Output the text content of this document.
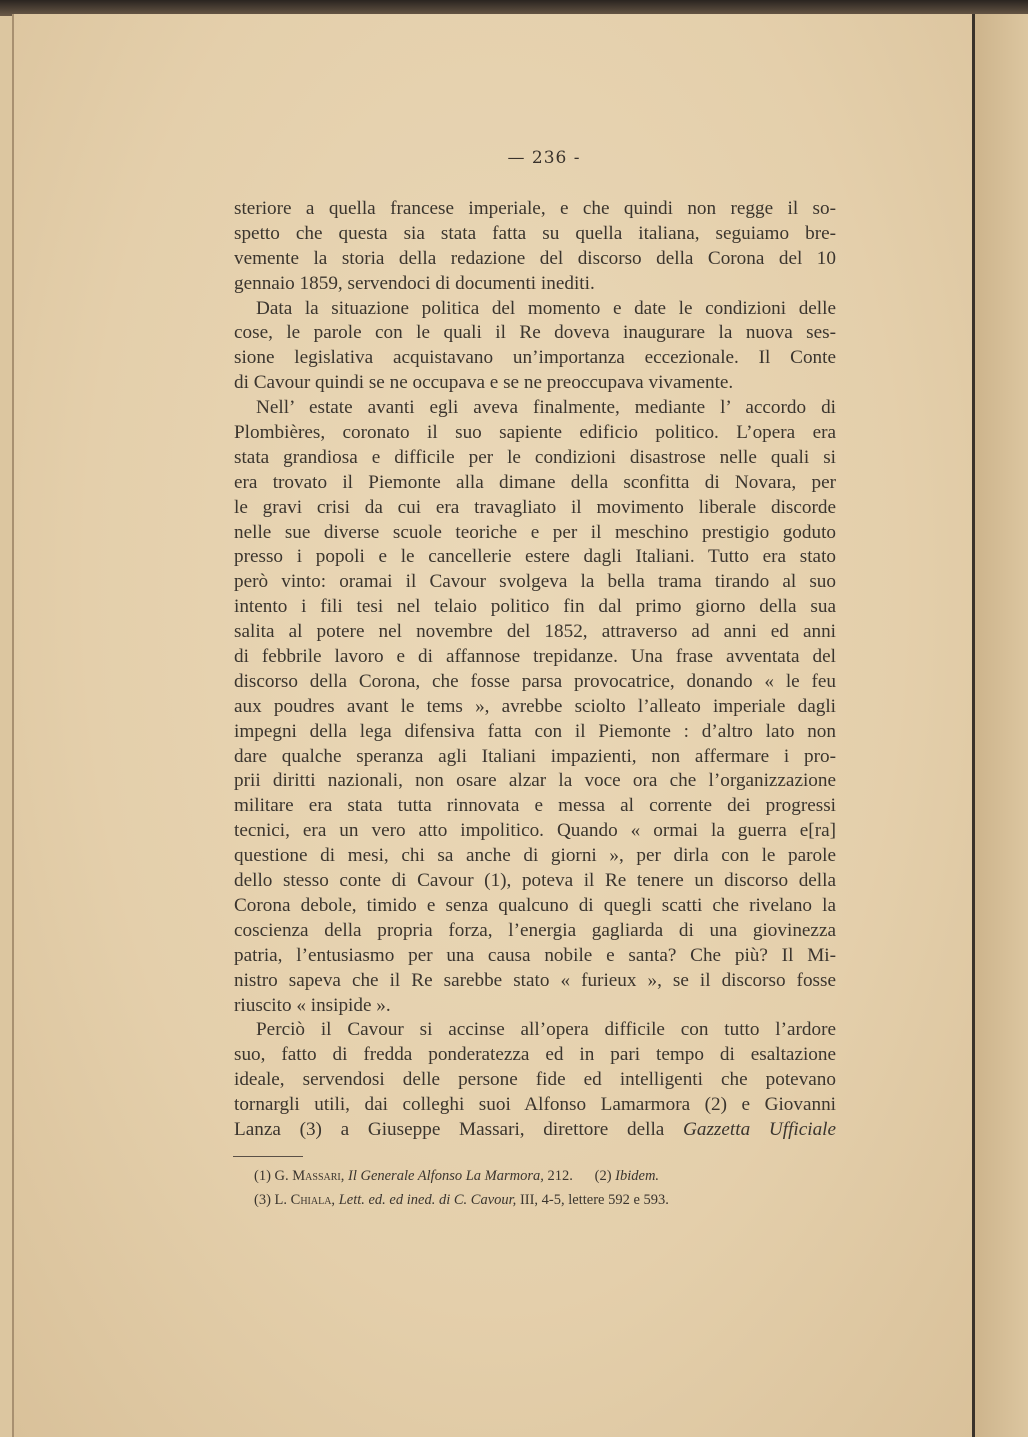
— 236 -
steriore a quella francese imperiale, e che quindi non regge il so-
spetto che questa sia stata fatta su quella italiana, seguiamo bre-
vemente la storia della redazione del discorso della Corona del 10
gennaio 1859, servendoci di documenti inediti.
Data la situazione politica del momento e date le condizioni delle
cose, le parole con le quali il Re doveva inaugurare la nuova ses-
sione legislativa acquistavano un’importanza eccezionale. Il Conte
di Cavour quindi se ne occupava e se ne preoccupava vivamente.
Nell’ estate avanti egli aveva finalmente, mediante l’ accordo di
Plombières, coronato il suo sapiente edificio politico. L’opera era
stata grandiosa e difficile per le condizioni disastrose nelle quali si
era trovato il Piemonte alla dimane della sconfitta di Novara, per
le gravi crisi da cui era travagliato il movimento liberale discorde
nelle sue diverse scuole teoriche e per il meschino prestigio goduto
presso i popoli e le cancellerie estere dagli Italiani. Tutto era stato
però vinto: oramai il Cavour svolgeva la bella trama tirando al suo
intento i fili tesi nel telaio politico fin dal primo giorno della sua
salita al potere nel novembre del 1852, attraverso ad anni ed anni
di febbrile lavoro e di affannose trepidanze. Una frase avventata del
discorso della Corona, che fosse parsa provocatrice, donando « le feu
aux poudres avant le tems », avrebbe sciolto l’alleato imperiale dagli
impegni della lega difensiva fatta con il Piemonte : d’altro lato non
dare qualche speranza agli Italiani impazienti, non affermare i pro-
prii diritti nazionali, non osare alzar la voce ora che l’organizzazione
militare era stata tutta rinnovata e messa al corrente dei progressi
tecnici, era un vero atto impolitico. Quando « ormai la guerra e[ra]
questione di mesi, chi sa anche di giorni », per dirla con le parole
dello stesso conte di Cavour (1), poteva il Re tenere un discorso della
Corona debole, timido e senza qualcuno di quegli scatti che rivelano la
coscienza della propria forza, l’energia gagliarda di una giovinezza
patria, l’entusiasmo per una causa nobile e santa? Che più? Il Mi-
nistro sapeva che il Re sarebbe stato « furieux », se il discorso fosse
riuscito « insipide ».
Perciò il Cavour si accinse all’opera difficile con tutto l’ardore
suo, fatto di fredda ponderatezza ed in pari tempo di esaltazione
ideale, servendosi delle persone fide ed intelligenti che potevano
tornargli utili, dai colleghi suoi Alfonso Lamarmora (2) e Giovanni
Lanza (3) a Giuseppe Massari, direttore della Gazzetta Ufficiale
(1) G. Massari, Il Generale Alfonso La Marmora, 212. (2) Ibidem.
(3) L. Chiala, Lett. ed. ed ined. di C. Cavour, III, 4-5, lettere 592 e 593.
